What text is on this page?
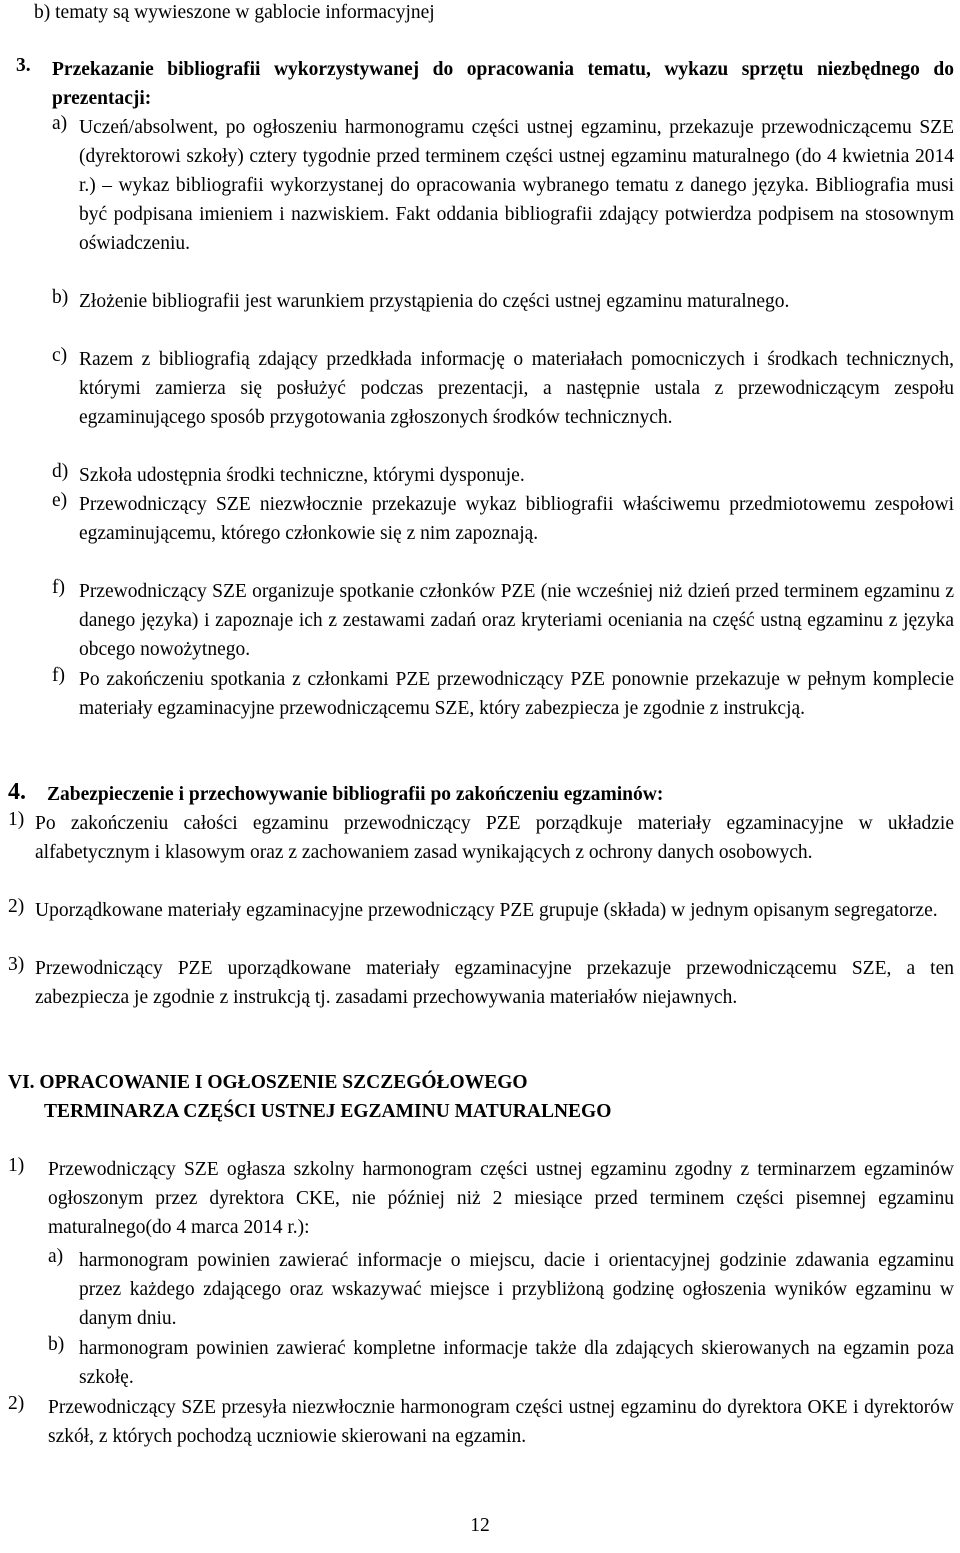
b) tematy są wywieszone w gablocie informacyjnej
3. Przekazanie bibliografii wykorzystywanej do opracowania tematu, wykazu sprzętu niezbędnego do prezentacji:
a) Uczeń/absolwent, po ogłoszeniu harmonogramu części ustnej egzaminu, przekazuje przewodniczącemu SZE (dyrektorowi szkoły) cztery tygodnie przed terminem części ustnej egzaminu maturalnego (do 4 kwietnia 2014 r.) – wykaz bibliografii wykorzystanej do opracowania wybranego tematu z danego języka. Bibliografia musi być podpisana imieniem i nazwiskiem. Fakt oddania bibliografii zdający potwierdza podpisem na stosownym oświadczeniu.
b) Złożenie bibliografii jest warunkiem przystąpienia do części ustnej egzaminu maturalnego.
c) Razem z bibliografią zdający przedkłada informację o materiałach pomocniczych i środkach technicznych, którymi zamierza się posłużyć podczas prezentacji, a następnie ustala z przewodniczącym zespołu egzaminującego sposób przygotowania zgłoszonych środków technicznych.
d) Szkoła udostępnia środki techniczne, którymi dysponuje.
e) Przewodniczący SZE niezwłocznie przekazuje wykaz bibliografii właściwemu przedmiotowemu zespołowi egzaminującemu, którego członkowie się z nim zapoznają.
f) Przewodniczący SZE organizuje spotkanie członków PZE (nie wcześniej niż dzień przed terminem egzaminu z danego języka) i zapoznaje ich z zestawami zadań oraz kryteriami oceniania na część ustną egzaminu z języka obcego nowożytnego.
f) Po zakończeniu spotkania z członkami PZE przewodniczący PZE ponownie przekazuje w pełnym komplecie materiały egzaminacyjne przewodniczącemu SZE, który zabezpiecza je zgodnie z instrukcją.
4. Zabezpieczenie i przechowywanie bibliografii po zakończeniu egzaminów:
1) Po zakończeniu całości egzaminu przewodniczący PZE porządkuje materiały egzaminacyjne w układzie alfabetycznym i klasowym oraz z zachowaniem zasad wynikających z ochrony danych osobowych.
2) Uporządkowane materiały egzaminacyjne przewodniczący PZE grupuje (składa) w jednym opisanym segregatorze.
3) Przewodniczący PZE uporządkowane materiały egzaminacyjne przekazuje przewodniczącemu SZE, a ten zabezpiecza je zgodnie z instrukcją tj. zasadami przechowywania materiałów niejawnych.
VI. OPRACOWANIE I OGŁOSZENIE SZCZEGÓŁOWEGO
TERMINARZA CZĘŚCI USTNEJ EGZAMINU MATURALNEGO
1) Przewodniczący SZE ogłasza szkolny harmonogram części ustnej egzaminu zgodny z terminarzem egzaminów ogłoszonym przez dyrektora CKE, nie później niż 2 miesiące przed terminem części pisemnej egzaminu maturalnego(do 4 marca 2014 r.):
a) harmonogram powinien zawierać informacje o miejscu, dacie i orientacyjnej godzinie zdawania egzaminu przez każdego zdającego oraz wskazywać miejsce i przybliżoną godzinę ogłoszenia wyników egzaminu w danym dniu.
b) harmonogram powinien zawierać kompletne informacje także dla zdających skierowanych na egzamin poza szkołę.
2) Przewodniczący SZE przesyła niezwłocznie harmonogram części ustnej egzaminu do dyrektora OKE i dyrektorów szkół, z których pochodzą uczniowie skierowani na egzamin.
12
